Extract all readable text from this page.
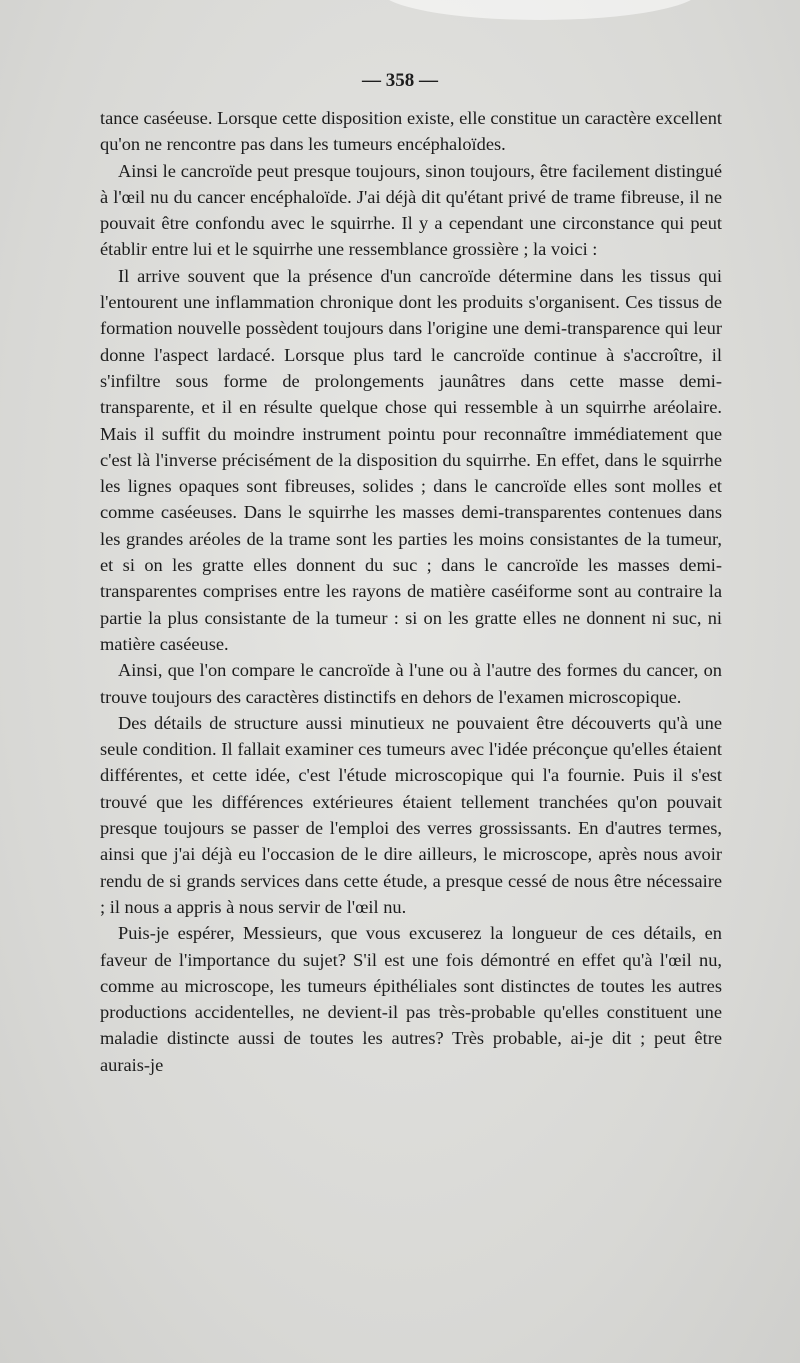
— 358 —

tance caséeuse. Lorsque cette disposition existe, elle constitue un caractère excellent qu'on ne rencontre pas dans les tumeurs encéphaloïdes.

Ainsi le cancroïde peut presque toujours, sinon toujours, être facilement distingué à l'œil nu du cancer encéphaloïde. J'ai déjà dit qu'étant privé de trame fibreuse, il ne pouvait être confondu avec le squirrhe. Il y a cependant une circonstance qui peut établir entre lui et le squirrhe une ressemblance grossière ; la voici :

Il arrive souvent que la présence d'un cancroïde détermine dans les tissus qui l'entourent une inflammation chronique dont les produits s'organisent. Ces tissus de formation nouvelle possèdent toujours dans l'origine une demi-transparence qui leur donne l'aspect lardacé. Lorsque plus tard le cancroïde continue à s'accroître, il s'infiltre sous forme de prolongements jaunâtres dans cette masse demi-transparente, et il en résulte quelque chose qui ressemble à un squirrhe aréolaire. Mais il suffit du moindre instrument pointu pour reconnaître immédiatement que c'est là l'inverse précisément de la disposition du squirrhe. En effet, dans le squirrhe les lignes opaques sont fibreuses, solides ; dans le cancroïde elles sont molles et comme caséeuses. Dans le squirrhe les masses demi-transparentes contenues dans les grandes aréoles de la trame sont les parties les moins consistantes de la tumeur, et si on les gratte elles donnent du suc ; dans le cancroïde les masses demi-transparentes comprises entre les rayons de matière caséiforme sont au contraire la partie la plus consistante de la tumeur : si on les gratte elles ne donnent ni suc, ni matière caséeuse.

Ainsi, que l'on compare le cancroïde à l'une ou à l'autre des formes du cancer, on trouve toujours des caractères distinctifs en dehors de l'examen microscopique.

Des détails de structure aussi minutieux ne pouvaient être découverts qu'à une seule condition. Il fallait examiner ces tumeurs avec l'idée préconçue qu'elles étaient différentes, et cette idée, c'est l'étude microscopique qui l'a fournie. Puis il s'est trouvé que les différences extérieures étaient tellement tranchées qu'on pouvait presque toujours se passer de l'emploi des verres grossissants. En d'autres termes, ainsi que j'ai déjà eu l'occasion de le dire ailleurs, le microscope, après nous avoir rendu de si grands services dans cette étude, a presque cessé de nous être nécessaire ; il nous a appris à nous servir de l'œil nu.

Puis-je espérer, Messieurs, que vous excuserez la longueur de ces détails, en faveur de l'importance du sujet? S'il est une fois démontré en effet qu'à l'œil nu, comme au microscope, les tumeurs épithéliales sont distinctes de toutes les autres productions accidentelles, ne devient-il pas très-probable qu'elles constituent une maladie distincte aussi de toutes les autres? Très probable, ai-je dit ; peut être aurais-je
